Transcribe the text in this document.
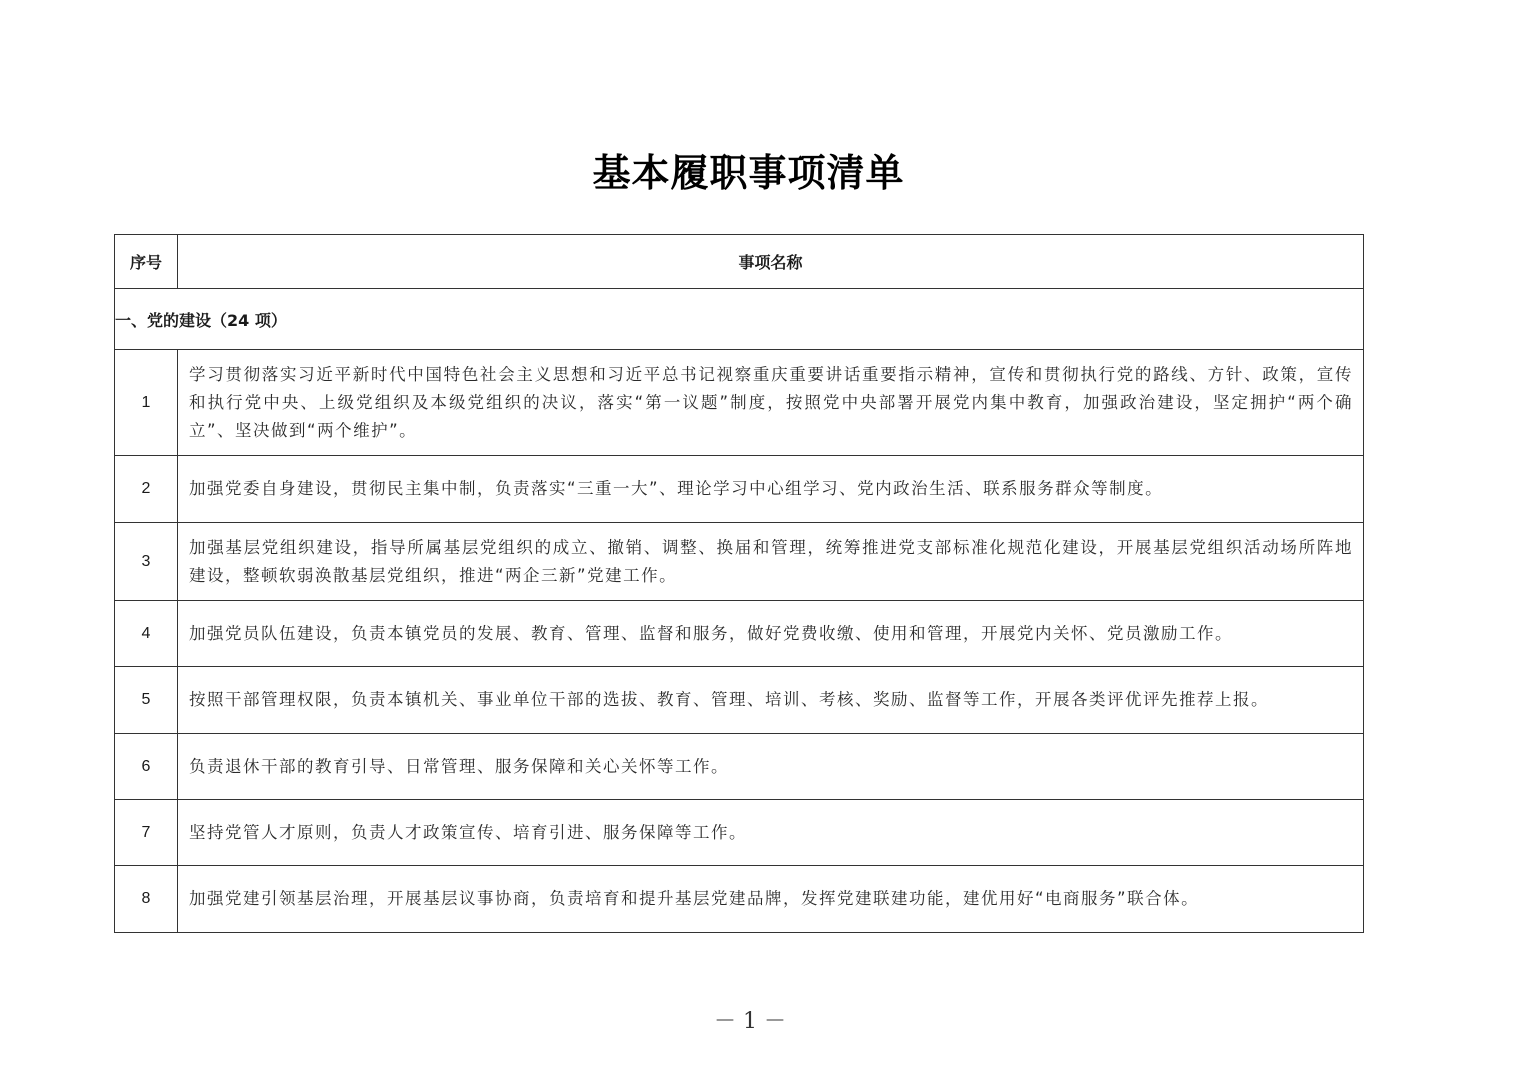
基本履职事项清单
序号	事项名称
一、党的建设（24 项）	
1	学习贯彻落实习近平新时代中国特色社会主义思想和习近平总书记视察重庆重要讲话重要指示精神，宣传和贯彻执行党的路线、方针、政策，宣传和执行党中央、上级党组织及本级党组织的决议，落实“第一议题”制度，按照党中央部署开展党内集中教育，加强政治建设，坚定拥护“两个确立”、坚决做到“两个维护”。
2	加强党委自身建设，贯彻民主集中制，负责落实“三重一大”、理论学习中心组学习、党内政治生活、联系服务群众等制度。
3	加强基层党组织建设，指导所属基层党组织的成立、撤销、调整、换届和管理，统筹推进党支部标准化规范化建设，开展基层党组织活动场所阵地建设，整顿软弱涣散基层党组织，推进“两企三新”党建工作。
4	加强党员队伍建设，负责本镇党员的发展、教育、管理、监督和服务，做好党费收缴、使用和管理，开展党内关怀、党员激励工作。
5	按照干部管理权限，负责本镇机关、事业单位干部的选拔、教育、管理、培训、考核、奖励、监督等工作，开展各类评优评先推荐上报。
6	负责退休干部的教育引导、日常管理、服务保障和关心关怀等工作。
7	坚持党管人才原则，负责人才政策宣传、培育引进、服务保障等工作。
8	加强党建引领基层治理，开展基层议事协商，负责培育和提升基层党建品牌，发挥党建联建功能，建优用好“电商服务”联合体。
－ 1 －
